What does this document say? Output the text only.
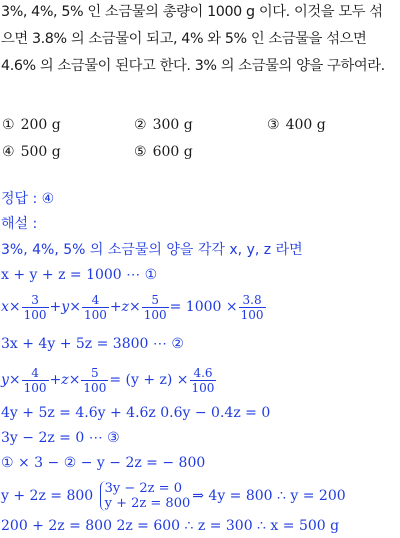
3%, 4%, 5% 인 소금물의 총량이 1000 g 이다. 이것을 모두 섞
으면 3.8% 의 소금물이 되고, 4% 와 5% 인 소금물을 섞으면
4.6% 의 소금물이 된다고 한다. 3% 의 소금물의 양을 구하여라.
① 200 g	② 300 g	③ 400 g
④ 500 g	⑤ 600 g
정답 : ④
해설 :
3%, 4%, 5% 의 소금물의 양을 각각 x, y, z 라면
x + y + z = 1000 ⋯ ①
$x\times \frac{3}{100} +y\times \frac{4}{100} +z\times \frac{5}{100} = 1000 \times \frac{3.8}{100}$
3x + 4y + 5z = 3800 ⋯ ②
$y\times \frac{4}{100} +z\times \frac{5}{100} = (y + z) \times \frac{4.6}{100}$
4y + 5z = 4.6y + 4.6z 0.6y − 0.4z = 0
3y − 2z = 0 ⋯ ③
① × 3 − ② − y − 2z = − 800
y + 2z = 800 3y − 2z = 0
y + 2z = 800 ⇒ 4y = 800 ∴ y = 200
200 + 2z = 800 2z = 600 ∴ z = 300 ∴ x = 500 g
